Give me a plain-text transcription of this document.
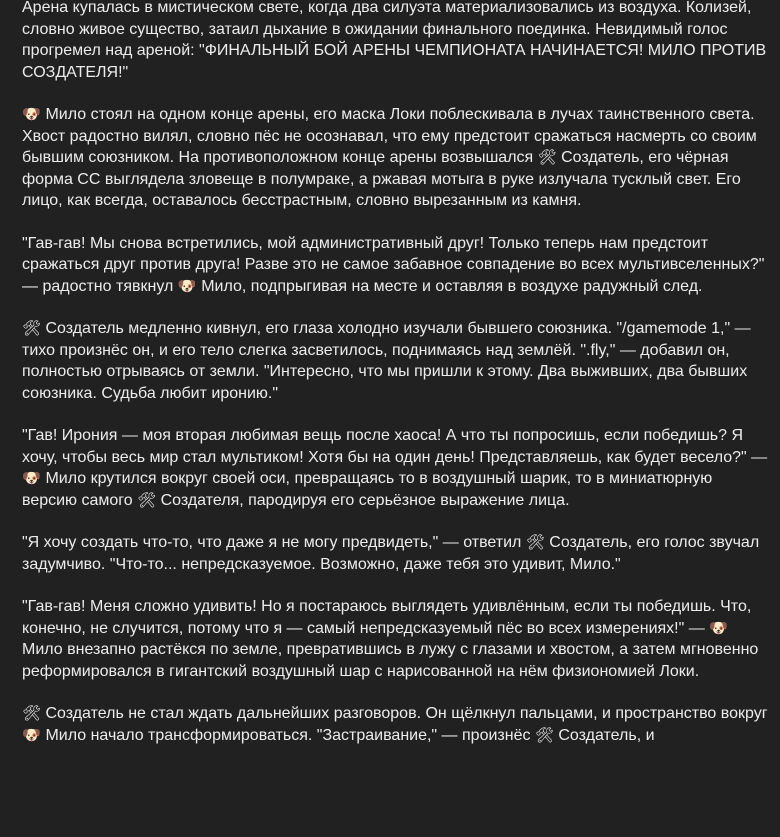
Арена купалась в мистическом свете, когда два силуэта материализовались из воздуха. Колизей, словно живое существо, затаил дыхание в ожидании финального поединка. Невидимый голос прогремел над ареной: "ФИНАЛЬНЫЙ БОЙ АРЕНЫ ЧЕМПИОНАТА НАЧИНАЕТСЯ! МИЛО ПРОТИВ СОЗДАТЕЛЯ!"

🐶 Мило стоял на одном конце арены, его маска Локи поблескивала в лучах таинственного света. Хвост радостно вилял, словно пёс не осознавал, что ему предстоит сражаться насмерть со своим бывшим союзником. На противоположном конце арены возвышался 🛠 Создатель, его чёрная форма СС выглядела зловеще в полумраке, а ржавая мотыга в руке излучала тусклый свет. Его лицо, как всегда, оставалось бесстрастным, словно вырезанным из камня.

"Гав-гав! Мы снова встретились, мой административный друг! Только теперь нам предстоит сражаться друг против друга! Разве это не самое забавное совпадение во всех мультивселенных?" — радостно тявкнул 🐶 Мило, подпрыгивая на месте и оставляя в воздухе радужный след.

🛠 Создатель медленно кивнул, его глаза холодно изучали бывшего союзника. "/gamemode 1," — тихо произнёс он, и его тело слегка засветилось, поднимаясь над землёй. ".fly," — добавил он, полностью отрываясь от земли. "Интересно, что мы пришли к этому. Два выживших, два бывших союзника. Судьба любит иронию."

"Гав! Ирония — моя вторая любимая вещь после хаоса! А что ты попросишь, если победишь? Я хочу, чтобы весь мир стал мультиком! Хотя бы на один день! Представляешь, как будет весело?" — 🐶 Мило крутился вокруг своей оси, превращаясь то в воздушный шарик, то в миниатюрную версию самого 🛠 Создателя, пародируя его серьёзное выражение лица.

"Я хочу создать что-то, что даже я не могу предвидеть," — ответил 🛠 Создатель, его голос звучал задумчиво. "Что-то... непредсказуемое. Возможно, даже тебя это удивит, Мило."

"Гав-гав! Меня сложно удивить! Но я постараюсь выглядеть удивлённым, если ты победишь. Что, конечно, не случится, потому что я — самый непредсказуемый пёс во всех измерениях!" — 🐶 Мило внезапно растёкся по земле, превратившись в лужу с глазами и хвостом, а затем мгновенно реформировался в гигантский воздушный шар с нарисованной на нём физиономией Локи.

🛠 Создатель не стал ждать дальнейших разговоров. Он щёлкнул пальцами, и пространство вокруг 🐶 Мило начало трансформироваться. "Застраивание," — произнёс 🛠 Создатель, и
